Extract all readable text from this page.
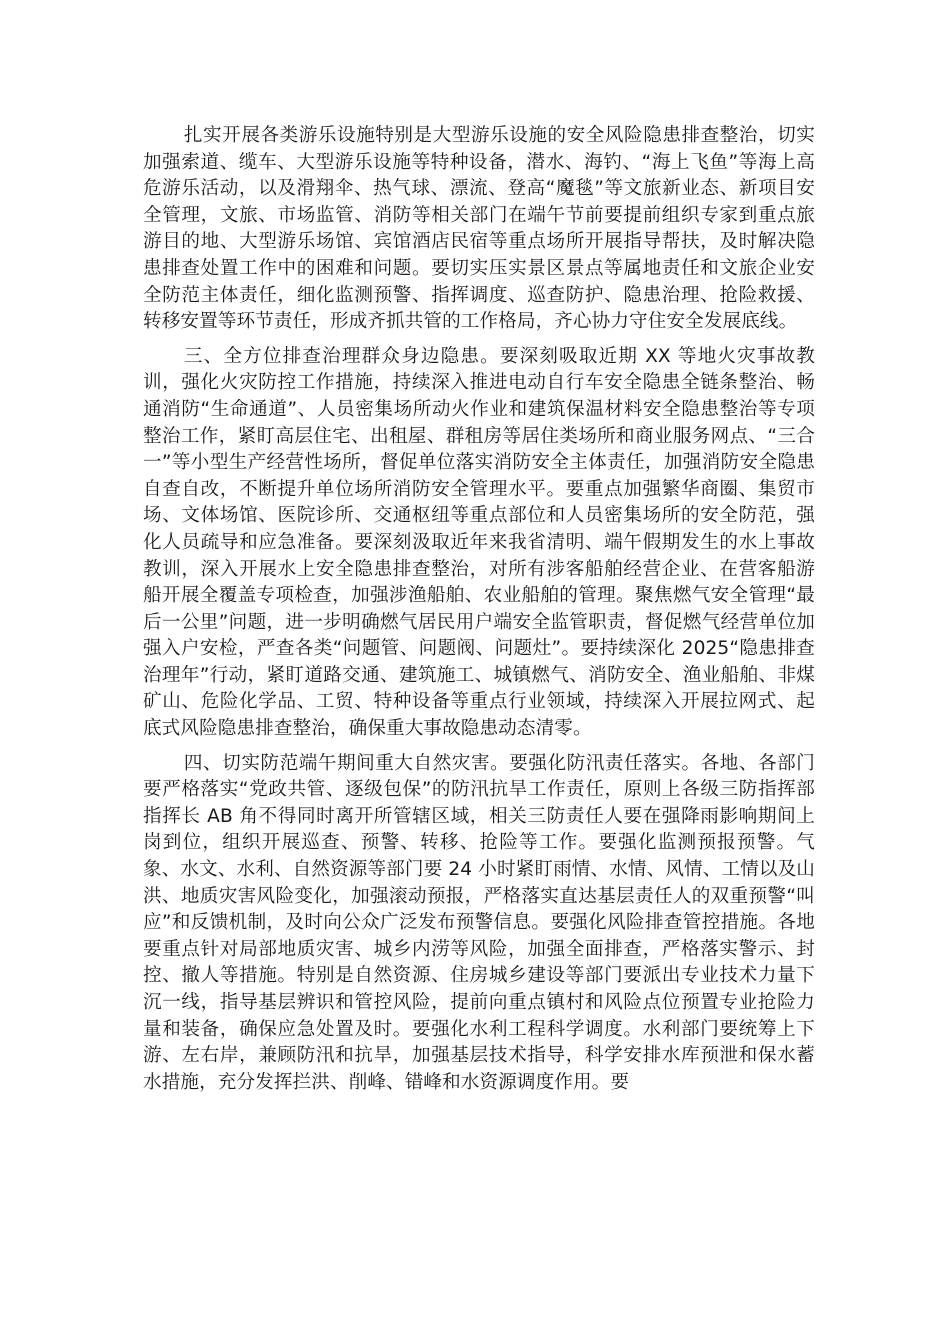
扎实开展各类游乐设施特别是大型游乐设施的安全风险隐患排查整治，切实加强索道、缆车、大型游乐设施等特种设备，潜水、海钓、“海上飞鱼”等海上高危游乐活动，以及滑翔伞、热气球、漂流、登高“魔毯”等文旅新业态、新项目安全管理，文旅、市场监管、消防等相关部门在端午节前要提前组织专家到重点旅游目的地、大型游乐场馆、宾馆酒店民宿等重点场所开展指导帮扶，及时解决隐患排查处置工作中的困难和问题。要切实压实景区景点等属地责任和文旅企业安全防范主体责任，细化监测预警、指挥调度、巡查防护、隐患治理、抢险救援、转移安置等环节责任，形成齐抓共管的工作格局，齐心协力守住安全发展底线。

三、全方位排查治理群众身边隐患。要深刻吸取近期 XX 等地火灾事故教训，强化火灾防控工作措施，持续深入推进电动自行车安全隐患全链条整治、畅通消防“生命通道”、人员密集场所动火作业和建筑保温材料安全隐患整治等专项整治工作，紧盯高层住宅、出租屋、群租房等居住类场所和商业服务网点、“三合一”等小型生产经营性场所，督促单位落实消防安全主体责任，加强消防安全隐患自查自改，不断提升单位场所消防安全管理水平。要重点加强繁华商圈、集贸市场、文体场馆、医院诊所、交通枢纽等重点部位和人员密集场所的安全防范，强化人员疏导和应急准备。要深刻汲取近年来我省清明、端午假期发生的水上事故教训，深入开展水上安全隐患排查整治，对所有涉客船舶经营企业、在营客船游船开展全覆盖专项检查，加强涉渔船舶、农业船舶的管理。聚焦燃气安全管理“最后一公里”问题，进一步明确燃气居民用户端安全监管职责，督促燃气经营单位加强入户安检，严查各类“问题管、问题阀、问题灶”。要持续深化 2025“隐患排查治理年”行动，紧盯道路交通、建筑施工、城镇燃气、消防安全、渔业船舶、非煤矿山、危险化学品、工贸、特种设备等重点行业领域，持续深入开展拉网式、起底式风险隐患排查整治，确保重大事故隐患动态清零。

四、切实防范端午期间重大自然灾害。要强化防汛责任落实。各地、各部门要严格落实“党政共管、逐级包保”的防汛抗旱工作责任，原则上各级三防指挥部指挥长 AB 角不得同时离开所管辖区域，相关三防责任人要在强降雨影响期间上岗到位，组织开展巡查、预警、转移、抢险等工作。要强化监测预报预警。气象、水文、水利、自然资源等部门要 24 小时紧盯雨情、水情、风情、工情以及山洪、地质灾害风险变化，加强滚动预报，严格落实直达基层责任人的双重预警“叫应”和反馈机制，及时向公众广泛发布预警信息。要强化风险排查管控措施。各地要重点针对局部地质灾害、城乡内涝等风险，加强全面排查，严格落实警示、封控、撤人等措施。特别是自然资源、住房城乡建设等部门要派出专业技术力量下沉一线，指导基层辨识和管控风险，提前向重点镇村和风险点位预置专业抢险力量和装备，确保应急处置及时。要强化水利工程科学调度。水利部门要统筹上下游、左右岸，兼顾防汛和抗旱，加强基层技术指导，科学安排水库预泄和保水蓄水措施，充分发挥拦洪、削峰、错峰和水资源调度作用。要
